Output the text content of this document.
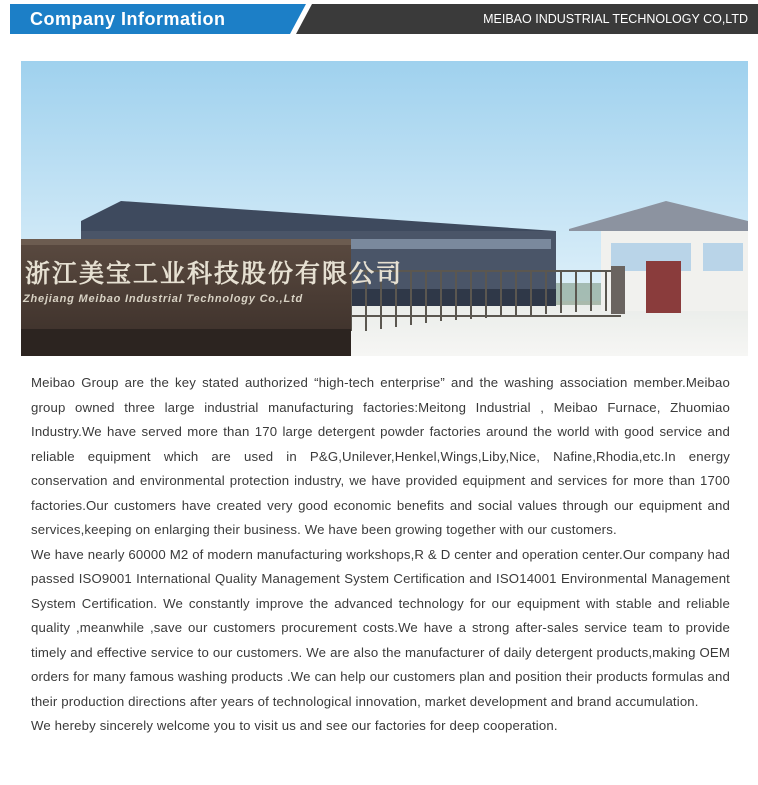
Company Information	MEIBAO INDUSTRIAL TECHNOLOGY CO,LTD

浙江美宝工业科技股份有限公司

Zhejiang Meibao Industrial Technology Co.,Ltd

Meibao Group are the key stated authorized “high-tech enterprise” and the washing association member.Meibao group owned three large industrial manufacturing factories:Meitong Industrial , Meibao Furnace, Zhuomiao Industry.We have served more than 170 large detergent powder factories around the world with good service and reliable equipment which are used in P&G,Unilever,Henkel,Wings,Liby,Nice, Nafine,Rhodia,etc.In energy conservation and environmental protection industry, we have provided equipment and services for more than 1700 factories.Our customers have created very good economic benefits and social values through our equipment and services,keeping on enlarging their business. We have been growing together with our customers.

We have nearly 60000 M2 of modern manufacturing workshops,R & D center and operation center.Our company had passed ISO9001 International Quality Management System Certification and ISO14001 Environmental Management System Certification. We constantly improve the advanced technology for our equipment with stable and reliable quality ,meanwhile ,save our customers procurement costs.We have a strong after-sales service team to provide timely and effective service to our customers. We are also the manufacturer of daily detergent products,making OEM orders for many famous washing products .We can help our customers plan and position their products formulas and their production directions after years of technological innovation, market development and brand accumulation.

We hereby sincerely welcome you to visit us and see our factories for deep cooperation.
